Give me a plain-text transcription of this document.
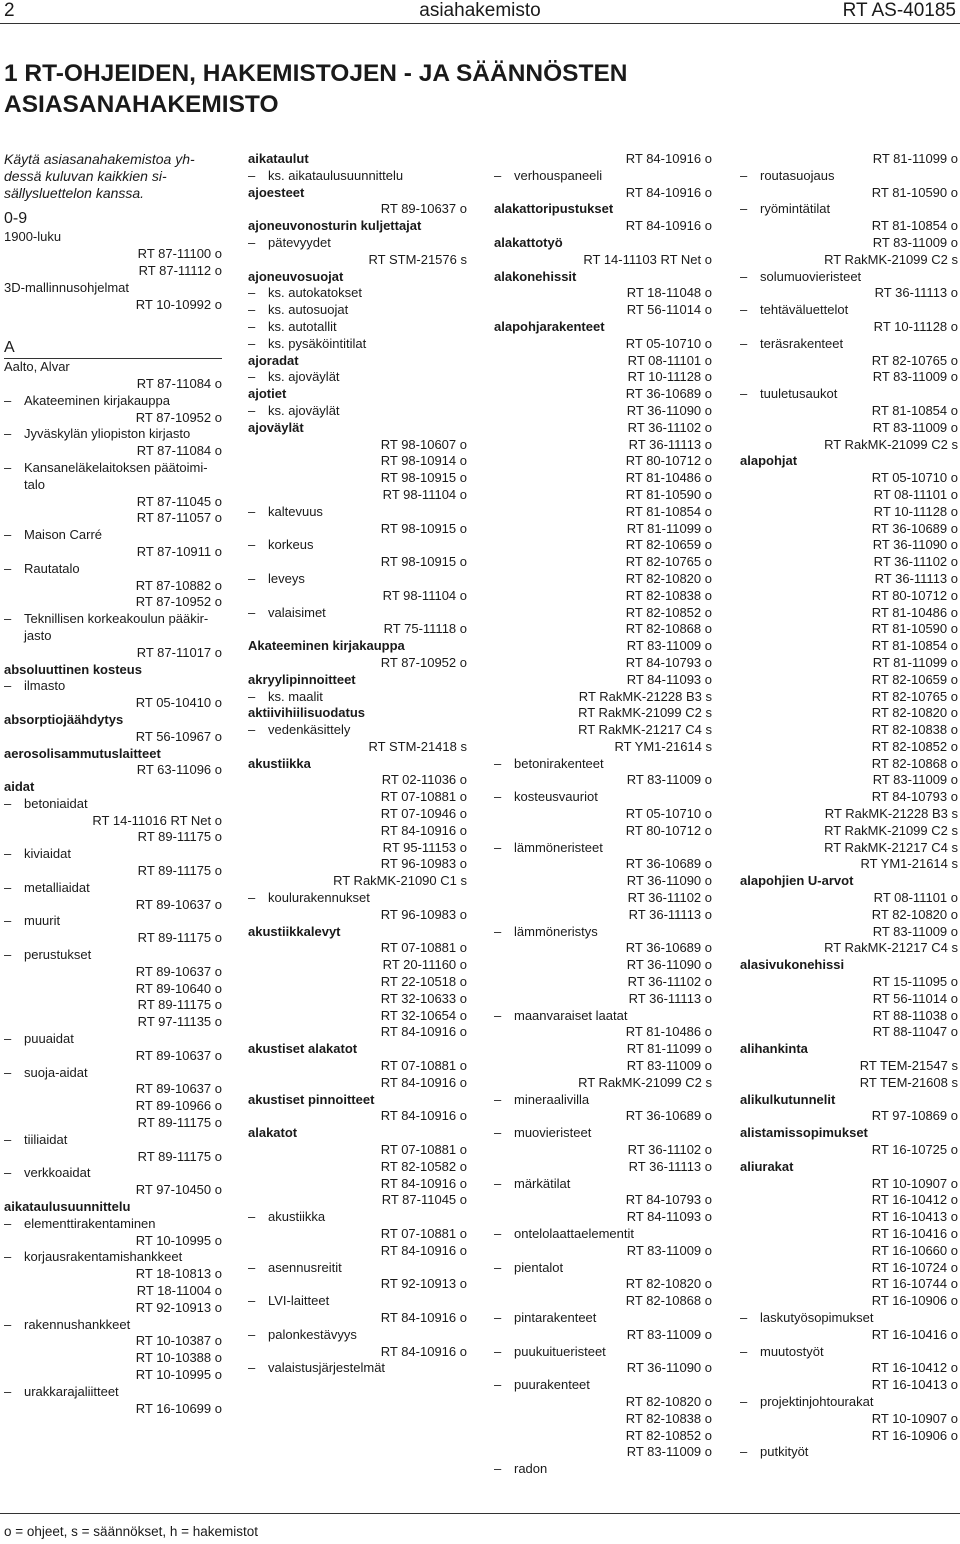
2	asiahakemisto	RT AS-40185
1 RT-OHJEIDEN, HAKEMISTOJEN - JA SÄÄNNÖSTEN
ASIASANAHAKEMISTO
Käytä asiasanahakemistoa yh-
dessä kuluvan kaikkien si-
sällysluettelon kanssa.
0-9
1900-luku
RT 87-11100 o
RT 87-11112 o
3D-mallinnusohjelmat
RT 10-10992 o
A
Aalto, Alvar
RT 87-11084 o
– Akateeminen kirjakauppa
RT 87-10952 o
– Jyväskylän yliopiston kirjasto
RT 87-11084 o
– Kansaneläkelaitoksen päätoimi-
talo
RT 87-11045 o
RT 87-11057 o
– Maison Carré
RT 87-10911 o
– Rautatalo
RT 87-10882 o
RT 87-10952 o
– Teknillisen korkeakoulun pääkir-
jasto
RT 87-11017 o
absoluuttinen kosteus
– ilmasto
RT 05-10410 o
absorptiojäähdytys
RT 56-10967 o
aerosolisammutuslaitteet
RT 63-11096 o
aidat
– betoniaidat
RT 14-11016 RT Net o
RT 89-11175 o
– kiviaidat
RT 89-11175 o
– metalliaidat
RT 89-10637 o
– muurit
RT 89-11175 o
– perustukset
RT 89-10637 o
RT 89-10640 o
RT 89-11175 o
RT 97-11135 o
– puuaidat
RT 89-10637 o
– suoja-aidat
RT 89-10637 o
RT 89-10966 o
RT 89-11175 o
– tiiliaidat
RT 89-11175 o
– verkkoaidat
RT 97-10450 o
aikataulusuunnittelu
– elementtirakentaminen
RT 10-10995 o
– korjausrakentamishankkeet
RT 18-10813 o
RT 18-11004 o
RT 92-10913 o
– rakennushankkeet
RT 10-10387 o
RT 10-10388 o
RT 10-10995 o
– urakkarajaliitteet
RT 16-10699 o
aikataulut
– ks. aikataulusuunnittelu
ajoesteet
RT 89-10637 o
ajoneuvonosturin kuljettajat
– pätevyydet
RT STM-21576 s
ajoneuvosuojat
– ks. autokatokset
– ks. autosuojat
– ks. autotallit
– ks. pysäköintitilat
ajoradat
– ks. ajoväylät
ajotiet
– ks. ajoväylät
ajoväylät
RT 98-10607 o
RT 98-10914 o
RT 98-10915 o
RT 98-11104 o
– kaltevuus
RT 98-10915 o
– korkeus
RT 98-10915 o
– leveys
RT 98-11104 o
– valaisimet
RT 75-11118 o
Akateeminen kirjakauppa
RT 87-10952 o
akryylipinnoitteet
– ks. maalit
aktiivihiilisuodatus
– vedenkäsittely
RT STM-21418 s
akustiikka
RT 02-11036 o
RT 07-10881 o
RT 07-10946 o
RT 84-10916 o
RT 95-11153 o
RT 96-10983 o
RT RakMK-21090 C1 s
– koulurakennukset
RT 96-10983 o
akustiikkalevyt
RT 07-10881 o
RT 20-11160 o
RT 22-10518 o
RT 32-10633 o
RT 32-10654 o
RT 84-10916 o
akustiset alakatot
RT 07-10881 o
RT 84-10916 o
akustiset pinnoitteet
RT 84-10916 o
alakatot
RT 07-10881 o
RT 82-10582 o
RT 84-10916 o
RT 87-11045 o
– akustiikka
RT 07-10881 o
RT 84-10916 o
– asennusreitit
RT 92-10913 o
– LVI-laitteet
RT 84-10916 o
– palonkestävyys
RT 84-10916 o
– valaistusjärjestelmät
RT 84-10916 o
– verhouspaneeli
RT 84-10916 o
alakattoripustukset
RT 84-10916 o
alakattotyö
RT 14-11103 RT Net o
alakonehissit
RT 18-11048 o
RT 56-11014 o
alapohjarakenteet
RT 05-10710 o
RT 08-11101 o
RT 10-11128 o
RT 36-10689 o
RT 36-11090 o
RT 36-11102 o
RT 36-11113 o
RT 80-10712 o
RT 81-10486 o
RT 81-10590 o
RT 81-10854 o
RT 81-11099 o
RT 82-10659 o
RT 82-10765 o
RT 82-10820 o
RT 82-10838 o
RT 82-10852 o
RT 82-10868 o
RT 83-11009 o
RT 84-10793 o
RT 84-11093 o
RT RakMK-21228 B3 s
RT RakMK-21099 C2 s
RT RakMK-21217 C4 s
RT YM1-21614 s
– betonirakenteet
RT 83-11009 o
– kosteusvauriot
RT 05-10710 o
RT 80-10712 o
– lämmöneristeet
RT 36-10689 o
RT 36-11090 o
RT 36-11102 o
RT 36-11113 o
– lämmöneristys
RT 36-10689 o
RT 36-11090 o
RT 36-11102 o
RT 36-11113 o
– maanvaraiset laatat
RT 81-10486 o
RT 81-11099 o
RT 83-11009 o
RT RakMK-21099 C2 s
– mineraalivilla
RT 36-10689 o
– muovieristeet
RT 36-11102 o
RT 36-11113 o
– märkätilat
RT 84-10793 o
RT 84-11093 o
– ontelolaattaelementit
RT 83-11009 o
– pientalot
RT 82-10820 o
RT 82-10868 o
– pintarakenteet
RT 83-11009 o
– puukuitueristeet
RT 36-11090 o
– puurakenteet
RT 82-10820 o
RT 82-10838 o
RT 82-10852 o
RT 83-11009 o
– radon
RT 81-11099 o
– routasuojaus
RT 81-10590 o
– ryömintätilat
RT 81-10854 o
RT 83-11009 o
RT RakMK-21099 C2 s
– solumuovieristeet
RT 36-11113 o
– tehtäväluettelot
RT 10-11128 o
– teräsrakenteet
RT 82-10765 o
RT 83-11009 o
– tuuletusaukot
RT 81-10854 o
RT 83-11009 o
RT RakMK-21099 C2 s
alapohjat
RT 05-10710 o
RT 08-11101 o
RT 10-11128 o
RT 36-10689 o
RT 36-11090 o
RT 36-11102 o
RT 36-11113 o
RT 80-10712 o
RT 81-10486 o
RT 81-10590 o
RT 81-10854 o
RT 81-11099 o
RT 82-10659 o
RT 82-10765 o
RT 82-10820 o
RT 82-10838 o
RT 82-10852 o
RT 82-10868 o
RT 83-11009 o
RT 84-10793 o
RT RakMK-21228 B3 s
RT RakMK-21099 C2 s
RT RakMK-21217 C4 s
RT YM1-21614 s
alapohjien U-arvot
RT 08-11101 o
RT 82-10820 o
RT 83-11009 o
RT RakMK-21217 C4 s
alasivukonehissi
RT 15-11095 o
RT 56-11014 o
RT 88-11038 o
RT 88-11047 o
alihankinta
RT TEM-21547 s
RT TEM-21608 s
alikulkutunnelit
RT 97-10869 o
alistamissopimukset
RT 16-10725 o
aliurakat
RT 10-10907 o
RT 16-10412 o
RT 16-10413 o
RT 16-10416 o
RT 16-10660 o
RT 16-10724 o
RT 16-10744 o
RT 16-10906 o
– laskutyösopimukset
RT 16-10416 o
– muutostyöt
RT 16-10412 o
RT 16-10413 o
– projektinjohtourakat
RT 10-10907 o
RT 16-10906 o
– putkityöt
o = ohjeet, s = säännökset, h = hakemistot
